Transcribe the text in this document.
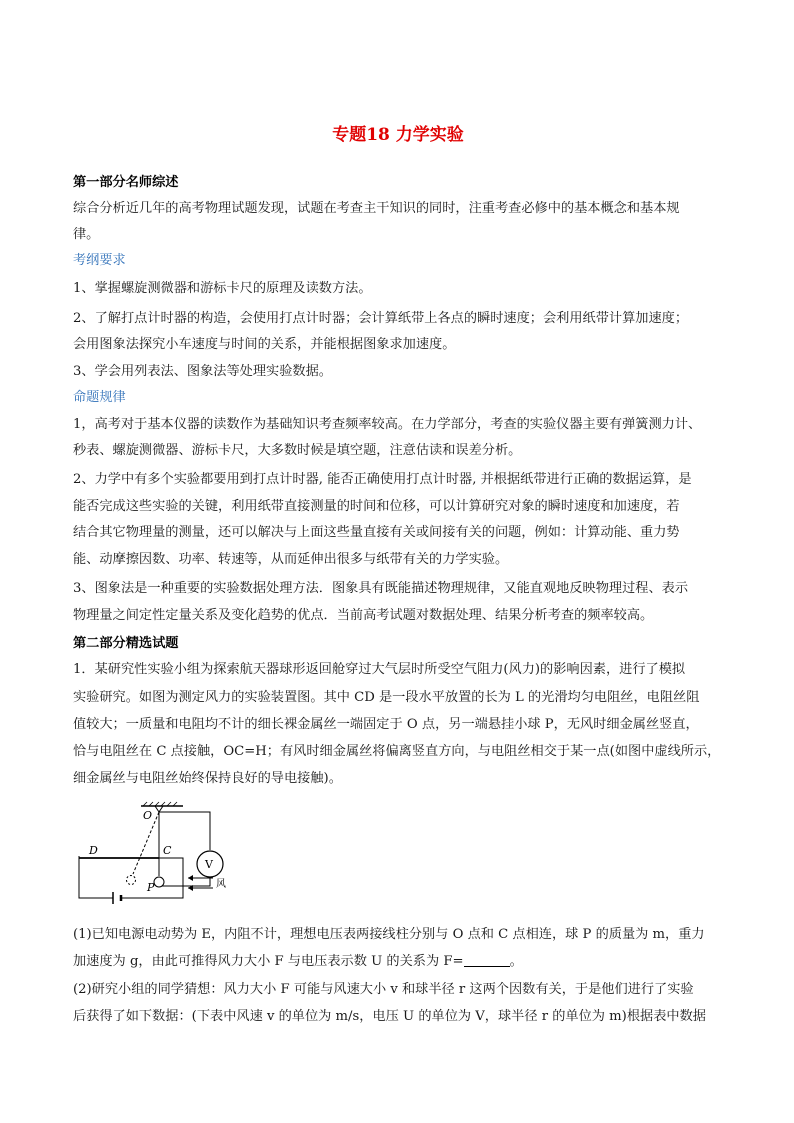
专题18 力学实验
第一部分名师综述
综合分析近几年的高考物理试题发现，试题在考查主干知识的同时，注重考查必修中的基本概念和基本规
律。
考纲要求
1、掌握螺旋测微器和游标卡尺的原理及读数方法。
2、了解打点计时器的构造，会使用打点计时器；会计算纸带上各点的瞬时速度；会利用纸带计算加速度；
会用图象法探究小车速度与时间的关系，并能根据图象求加速度。
3、学会用列表法、图象法等处理实验数据。
命题规律
1，高考对于基本仪器的读数作为基础知识考查频率较高。在力学部分，考查的实验仪器主要有弹簧测力计、
秒表、螺旋测微器、游标卡尺，大多数时候是填空题，注意估读和误差分析。
2、力学中有多个实验都要用到打点计时器, 能否正确使用打点计时器, 并根据纸带进行正确的数据运算，是
能否完成这些实验的关键，利用纸带直接测量的时间和位移，可以计算研究对象的瞬时速度和加速度，若
结合其它物理量的测量，还可以解决与上面这些量直接有关或间接有关的问题，例如：计算动能、重力势
能、动摩擦因数、功率、转速等，从而延伸出很多与纸带有关的力学实验。
3、图象法是一种重要的实验数据处理方法．图象具有既能描述物理规律，又能直观地反映物理过程、表示
物理量之间定性定量关系及变化趋势的优点．当前高考试题对数据处理、结果分析考查的频率较高。
第二部分精选试题
1．某研究性实验小组为探索航天器球形返回舱穿过大气层时所受空气阻力(风力)的影响因素，进行了模拟
实验研究。如图为测定风力的实验装置图。其中 CD 是一段水平放置的长为 L 的光滑均匀电阻丝，电阻丝阻
值较大；一质量和电阻均不计的细长裸金属丝一端固定于 O 点，另一端悬挂小球 P，无风时细金属丝竖直，
恰与电阻丝在 C 点接触，OC=H；有风时细金属丝将偏离竖直方向，与电阻丝相交于某一点(如图中虚线所示，
细金属丝与电阻丝始终保持良好的导电接触)。
O
V
D	C
P	风
(1)已知电源电动势为 E，内阻不计，理想电压表两接线柱分别与 O 点和 C 点相连，球 P 的质量为 m，重力
加速度为 g，由此可推得风力大小 F 与电压表示数 U 的关系为 F=	。
(2)研究小组的同学猜想：风力大小 F 可能与风速大小 v 和球半径 r 这两个因数有关，于是他们进行了实验
后获得了如下数据：(下表中风速 v 的单位为 m/s，电压 U 的单位为 V，球半径 r 的单位为 m)根据表中数据
